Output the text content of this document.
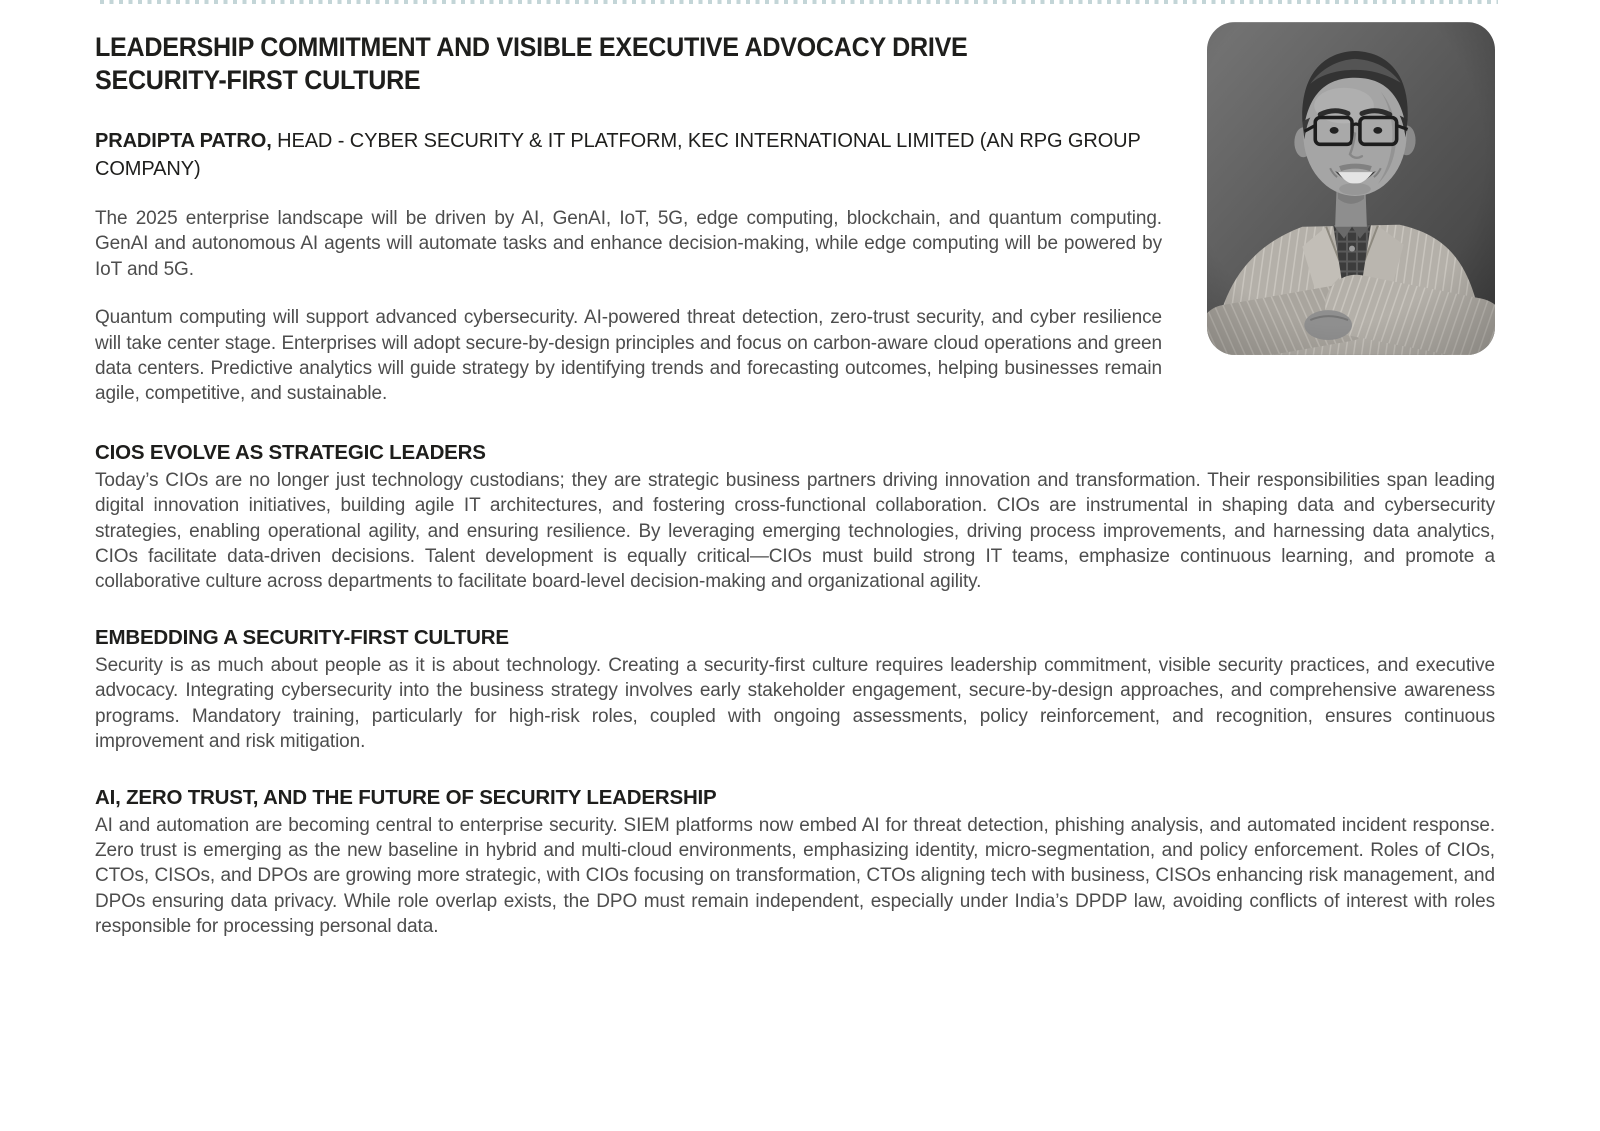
LEADERSHIP COMMITMENT AND VISIBLE EXECUTIVE ADVOCACY DRIVE
SECURITY-FIRST CULTURE
PRADIPTA PATRO, HEAD - CYBER SECURITY & IT PLATFORM, KEC INTERNATIONAL LIMITED (AN RPG GROUP COMPANY)

The 2025 enterprise landscape will be driven by AI, GenAI, IoT, 5G, edge computing, blockchain, and quantum computing. GenAI and autonomous AI agents will automate tasks and enhance decision-making, while edge computing will be powered by IoT and 5G.

Quantum computing will support advanced cybersecurity. AI-powered threat detection, zero-trust security, and cyber resilience will take center stage. Enterprises will adopt secure-by-design principles and focus on carbon-aware cloud operations and green data centers. Predictive analytics will guide strategy by identifying trends and forecasting outcomes, helping businesses remain agile, competitive, and sustainable.

CIOS EVOLVE AS STRATEGIC LEADERS

Today’s CIOs are no longer just technology custodians; they are strategic business partners driving innovation and transformation. Their responsibilities span leading digital innovation initiatives, building agile IT architectures, and fostering cross-functional collaboration. CIOs are instrumental in shaping data and cybersecurity strategies, enabling operational agility, and ensuring resilience. By leveraging emerging technologies, driving process improvements, and harnessing data analytics, CIOs facilitate data-driven decisions. Talent development is equally critical—CIOs must build strong IT teams, emphasize continuous learning, and promote a collaborative culture across departments to facilitate board-level decision-making and organizational agility.

EMBEDDING A SECURITY-FIRST CULTURE

Security is as much about people as it is about technology. Creating a security-first culture requires leadership commitment, visible security practices, and executive advocacy. Integrating cybersecurity into the business strategy involves early stakeholder engagement, secure-by-design approaches, and comprehensive awareness programs. Mandatory training, particularly for high-risk roles, coupled with ongoing assessments, policy reinforcement, and recognition, ensures continuous improvement and risk mitigation.

AI, ZERO TRUST, AND THE FUTURE OF SECURITY LEADERSHIP

AI and automation are becoming central to enterprise security. SIEM platforms now embed AI for threat detection, phishing analysis, and automated incident response. Zero trust is emerging as the new baseline in hybrid and multi-cloud environments, emphasizing identity, micro-segmentation, and policy enforcement. Roles of CIOs, CTOs, CISOs, and DPOs are growing more strategic, with CIOs focusing on transformation, CTOs aligning tech with business, CISOs enhancing risk management, and DPOs ensuring data privacy. While role overlap exists, the DPO must remain independent, especially under India’s DPDP law, avoiding conflicts of interest with roles responsible for processing personal data.
